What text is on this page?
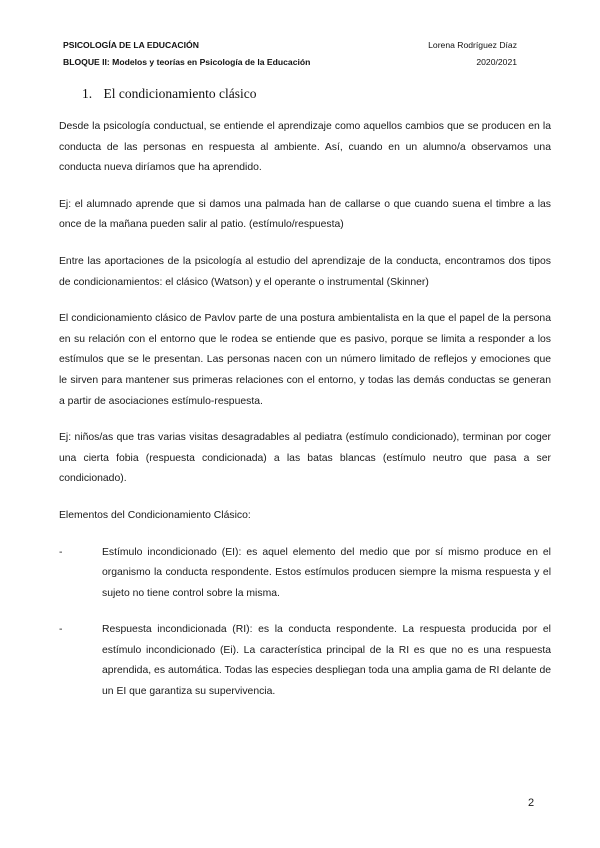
PSICOLOGÍA DE LA EDUCACIÓN	Lorena Rodríguez Díaz
BLOQUE II: Modelos y teorías en Psicología de la Educación	2020/2021
1. El condicionamiento clásico

Desde la psicología conductual, se entiende el aprendizaje como aquellos cambios que se producen en la conducta de las personas en respuesta al ambiente. Así, cuando en un alumno/a observamos una conducta nueva diríamos que ha aprendido.

Ej: el alumnado aprende que si damos una palmada han de callarse o que cuando suena el timbre a las once de la mañana pueden salir al patio. (estímulo/respuesta)

Entre las aportaciones de la psicología al estudio del aprendizaje de la conducta, encontramos dos tipos de condicionamientos: el clásico (Watson) y el operante o instrumental (Skinner)

El condicionamiento clásico de Pavlov parte de una postura ambientalista en la que el papel de la persona en su relación con el entorno que le rodea se entiende que es pasivo, porque se limita a responder a los estímulos que se le presentan. Las personas nacen con un número limitado de reflejos y emociones que le sirven para mantener sus primeras relaciones con el entorno, y todas las demás conductas se generan a partir de asociaciones estímulo-respuesta.

Ej: niños/as que tras varias visitas desagradables al pediatra (estímulo condicionado), terminan por coger una cierta fobia (respuesta condicionada) a las batas blancas (estímulo neutro que pasa a ser condicionado).

Elementos del Condicionamiento Clásico:

-	Estímulo incondicionado (EI): es aquel elemento del medio que por sí mismo produce en el organismo la conducta respondente. Estos estímulos producen siempre la misma respuesta y el sujeto no tiene control sobre la misma.
-	Respuesta incondicionada (RI): es la conducta respondente. La respuesta producida por el estímulo incondicionado (Ei). La característica principal de la RI es que no es una respuesta aprendida, es automática. Todas las especies despliegan toda una amplia gama de RI delante de un EI que garantiza su supervivencia.
2
